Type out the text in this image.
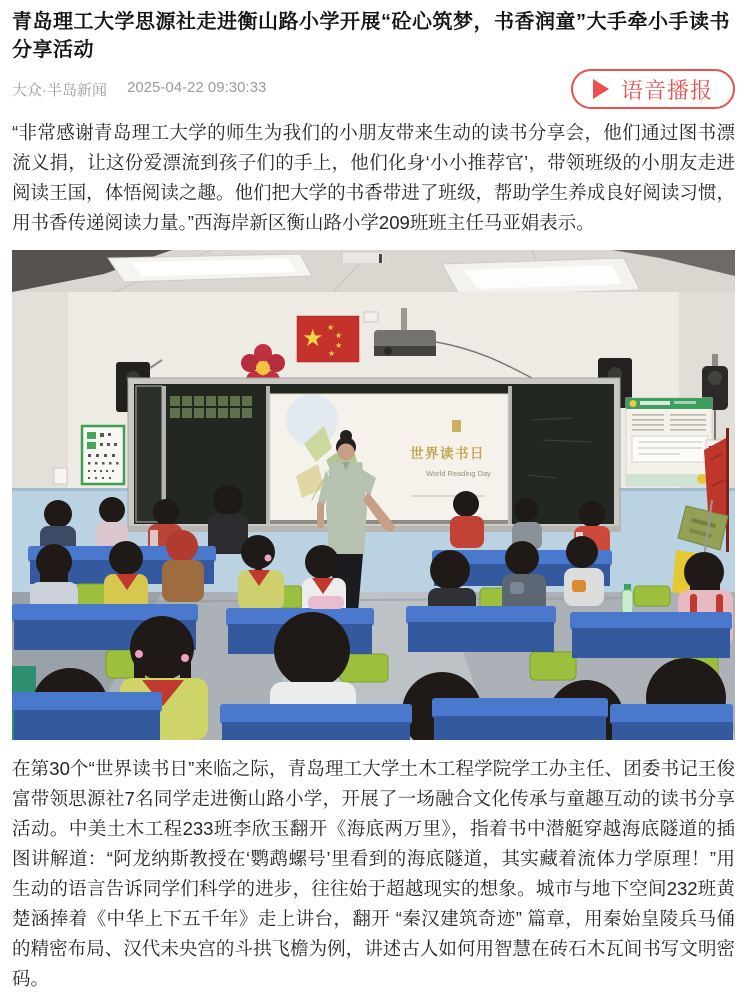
青岛理工大学思源社走进衡山路小学开展“砼心筑梦，书香润童”大手牵小手读书分享活动
大众·半岛新闻 2025-04-22 09:30:33	语音播报

“非常感谢青岛理工大学的师生为我们的小朋友带来生动的读书分享会，他们通过图书漂流义捐，让这份爱漂流到孩子们的手上，他们化身‘小小推荐官’，带领班级的小朋友走进阅读王国，体悟阅读之趣。他们把大学的书香带进了班级，帮助学生养成良好阅读习惯，用书香传递阅读力量。”西海岸新区衡山路小学209班班主任马亚娟表示。

★ ★
★
★
★
世界读书日
World Reading Day

在第30个“世界读书日”来临之际，青岛理工大学土木工程学院学工办主任、团委书记王俊富带领思源社7名同学走进衡山路小学，开展了一场融合文化传承与童趣互动的读书分享活动。中美土木工程233班李欣玉翻开《海底两万里》，指着书中潜艇穿越海底隧道的插图讲解道：“阿龙纳斯教授在‘鹦鹉螺号’里看到的海底隧道，其实藏着流体力学原理！”用生动的语言告诉同学们科学的进步，往往始于超越现实的想象。城市与地下空间232班黄楚涵捧着《中华上下五千年》走上讲台，翻开 “秦汉建筑奇迹” 篇章，用秦始皇陵兵马俑的精密布局、汉代未央宫的斗拱飞檐为例，讲述古人如何用智慧在砖石木瓦间书写文明密码。
